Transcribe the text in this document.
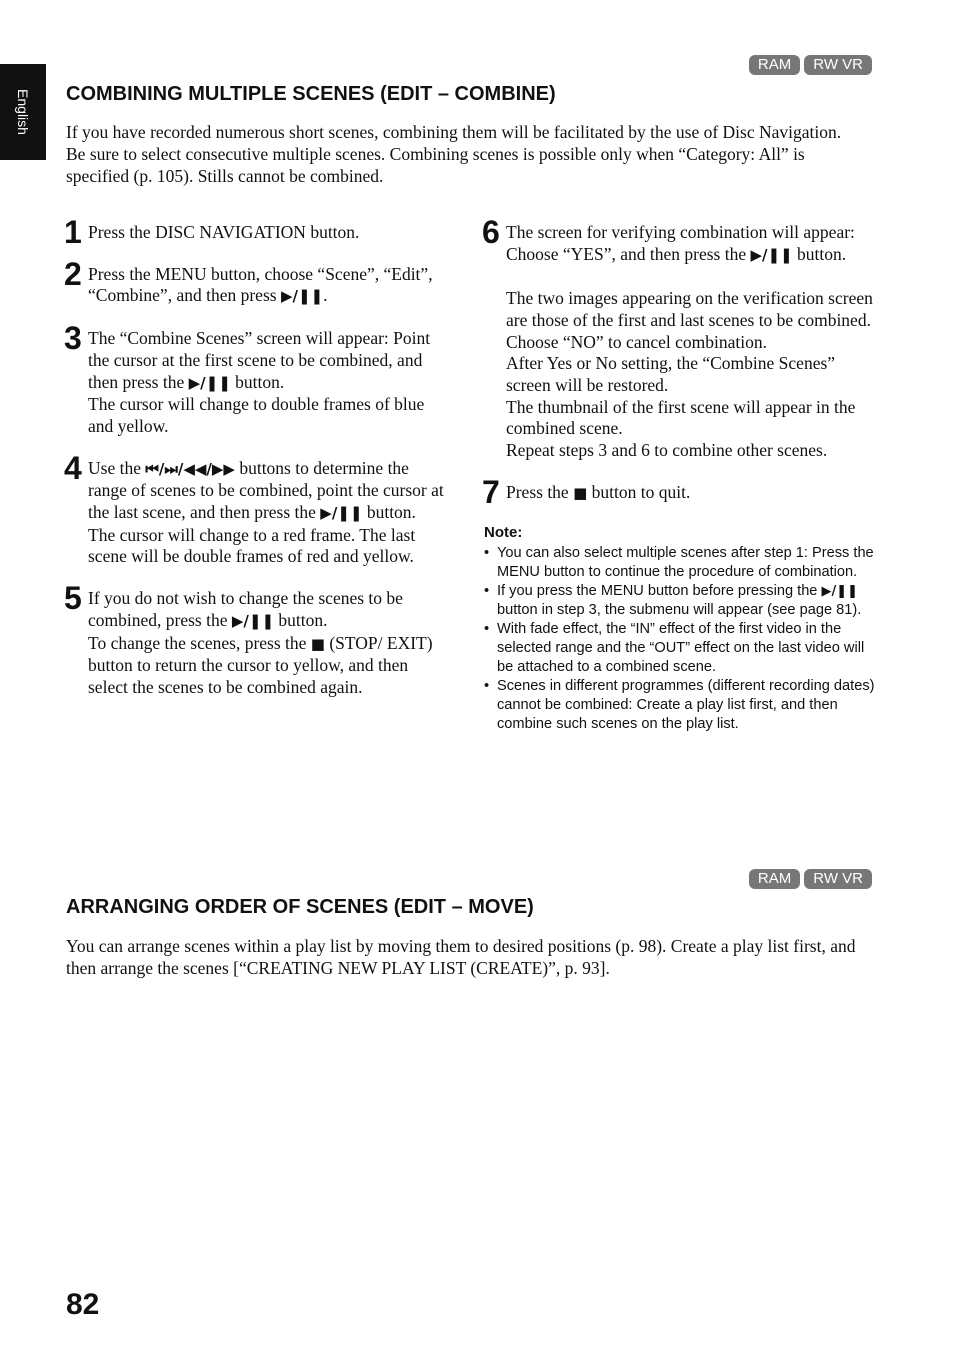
English
RAM	RW VR
COMBINING MULTIPLE SCENES (EDIT – COMBINE)

If you have recorded numerous short scenes, combining them will be facilitated by the use of Disc Navigation.

Be sure to select consecutive multiple scenes. Combining scenes is possible only when “Category: All” is specified (p. 105). Stills cannot be combined.

1 Press the DISC NAVIGATION button.

2 Press the MENU button, choose “Scene”, “Edit”, “Combine”, and then press ▶/❚❚.

3 The “Combine Scenes” screen will appear: Point the cursor at the first scene to be combined, and then press the ▶/❚❚ button.

The cursor will change to double frames of blue and yellow.

4 Use the ⏮/⏭/◀◀/▶▶ buttons to determine the range of scenes to be combined, point the cursor at the last scene, and then press the ▶/❚❚ button.

The cursor will change to a red frame. The last scene will be double frames of red and yellow.

5 If you do not wish to change the scenes to be combined, press the ▶/❚❚ button.

To change the scenes, press the ■ (STOP/ EXIT) button to return the cursor to yellow, and then select the scenes to be combined again.

6 The screen for verifying combination will appear: Choose “YES”, and then press the ▶/❚❚ button.

The two images appearing on the verification screen are those of the first and last scenes to be combined.

Choose “NO” to cancel combination.

After Yes or No setting, the “Combine Scenes” screen will be restored.

The thumbnail of the first scene will appear in the combined scene.

Repeat steps 3 and 6 to combine other scenes.

7 Press the ■ button to quit.

Note:

• You can also select multiple scenes after step 1: Press the MENU button to continue the procedure of combination.
• If you press the MENU button before pressing the ▶/❚❚ button in step 3, the submenu will appear (see page 81).
• With fade effect, the “IN” effect of the first video in the selected range and the “OUT” effect on the last video will be attached to a combined scene.
• Scenes in different programmes (different recording dates) cannot be combined: Create a play list first, and then combine such scenes on the play list.
RAM	RW VR
ARRANGING ORDER OF SCENES (EDIT – MOVE)

You can arrange scenes within a play list by moving them to desired positions (p. 98). Create a play list first, and then arrange the scenes [“CREATING NEW PLAY LIST (CREATE)”, p. 93].

82
